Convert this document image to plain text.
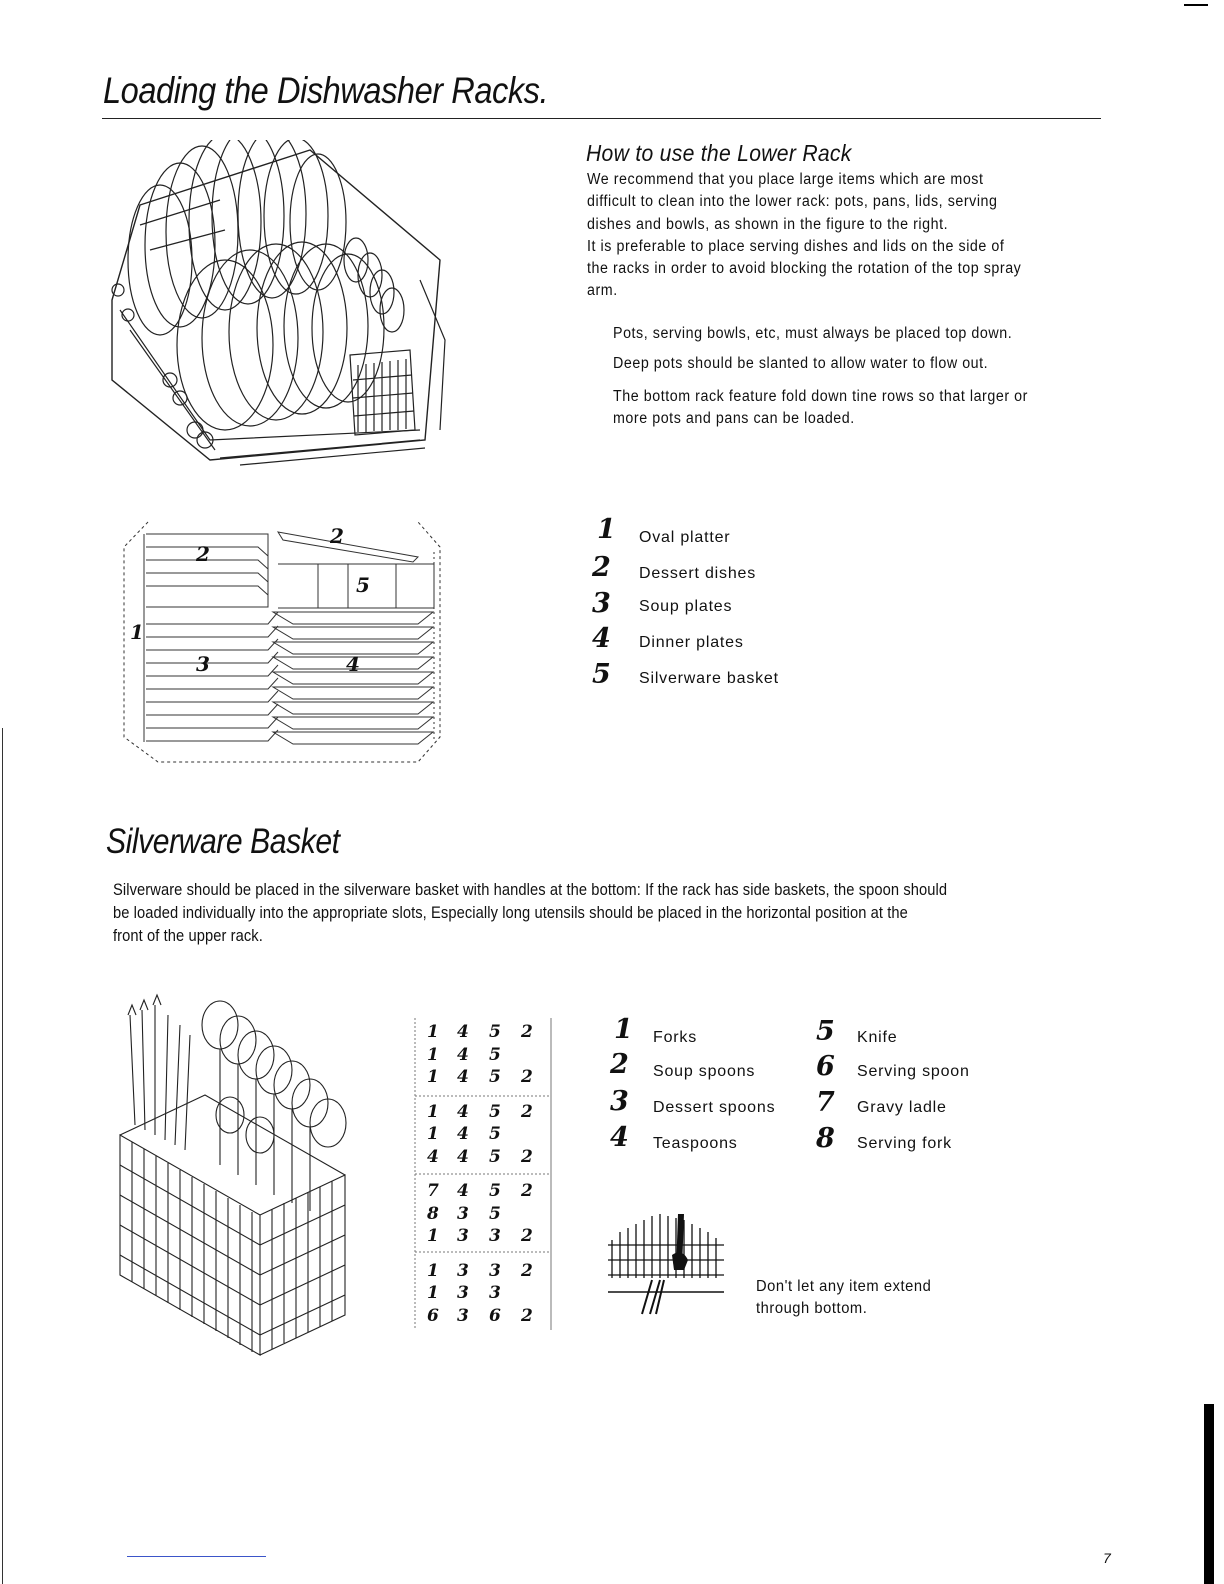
Loading the Dishwasher Racks.
How to use the Lower Rack

We recommend that you place large items which are most

difficult to clean into the lower rack: pots, pans, lids, serving

dishes and bowls, as shown in the figure to the right.

It is preferable to place serving dishes and lids on the side of

the racks in order to avoid blocking the rotation of the top spray

arm.

Pots, serving bowls, etc, must always be placed top down.

Deep pots should be slanted to allow water to flow out.

The bottom rack feature fold down tine rows so that larger or

more pots and pans can be loaded.

2
2
5
1
3	4
1 Oval platter
2 Dessert dishes
3 Soup plates
4 Dinner plates
5 Silverware basket
Silverware Basket
Silverware should be placed in the silverware basket with handles at the bottom: If the rack has side baskets, the spoon should
be loaded individually into the appropriate slots, Especially long utensils should be placed in the horizontal position at the
front of the upper rack.
1 4 5 2
1 4 5
1 4 5 2
1 4 5 2
1 4 5
4 4 5 2
7 4 5 2
8 3 5
1 3 3 2
1 3 3 2
1 3 3
6 3 6 2
1 Forks
2 Soup spoons
3 Dessert spoons
4 Teaspoons
5 Knife
6 Serving spoon
7 Gravy ladle
8 Serving fork

Don't let any item extend

through bottom.

7
